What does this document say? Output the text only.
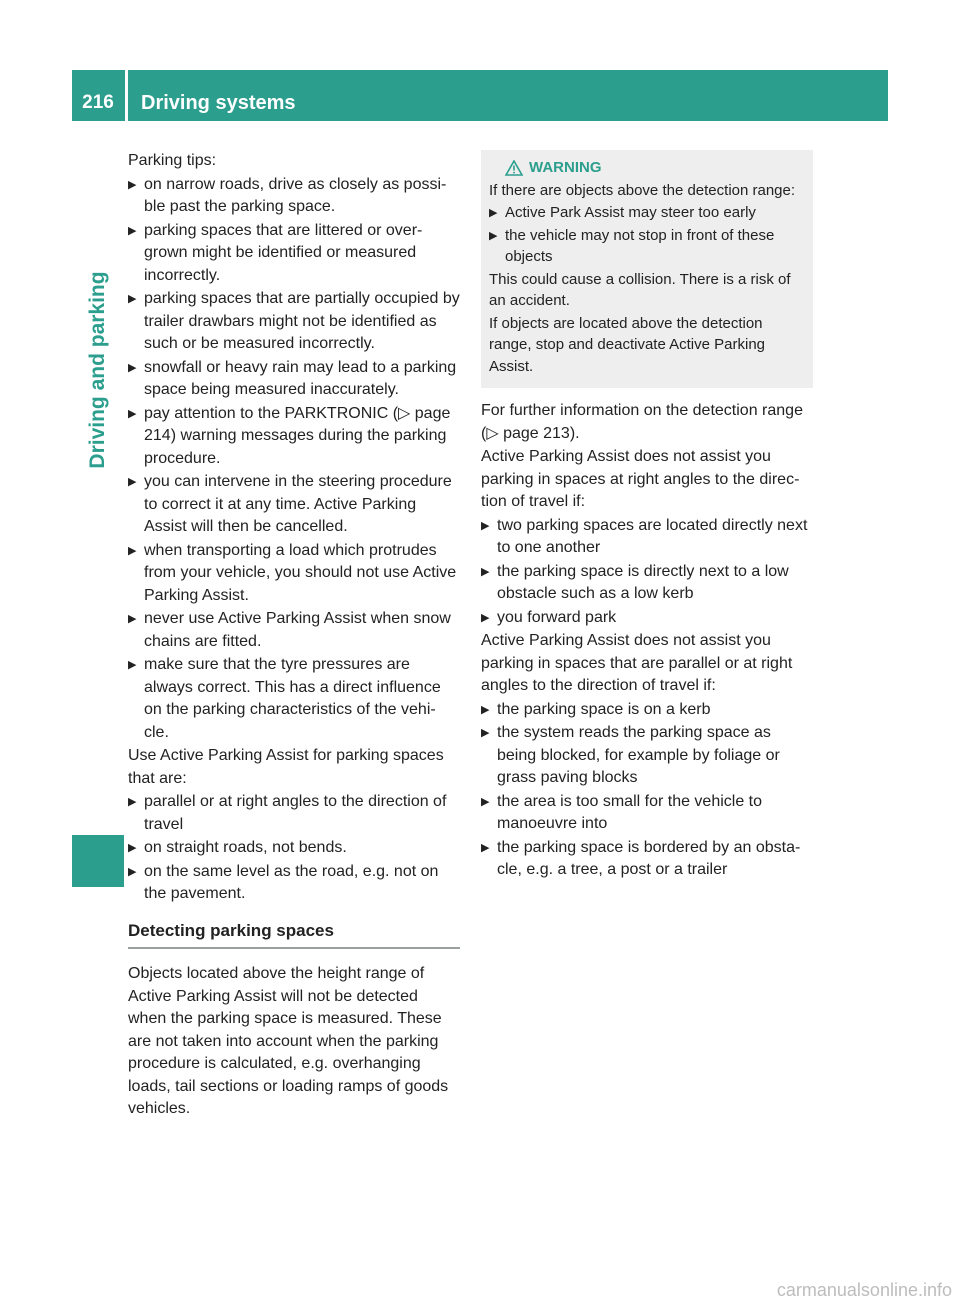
216	Driving systems
Driving and parking

Parking tips:

▶ on narrow roads, drive as closely as possi-ble past the parking space.
▶ parking spaces that are littered or over-grown might be identified or measured incorrectly.
▶ parking spaces that are partially occupied by trailer drawbars might not be identified as such or be measured incorrectly.
▶ snowfall or heavy rain may lead to a parking space being measured inaccurately.
▶ pay attention to the PARKTRONIC (▷ page 214) warning messages during the parking procedure.
▶ you can intervene in the steering procedure to correct it at any time. Active Parking Assist will then be cancelled.
▶ when transporting a load which protrudes from your vehicle, you should not use Active Parking Assist.
▶ never use Active Parking Assist when snow chains are fitted.
▶ make sure that the tyre pressures are always correct. This has a direct influence on the parking characteristics of the vehi-cle.

Use Active Parking Assist for parking spaces that are:

▶ parallel or at right angles to the direction of travel
▶ on straight roads, not bends.
▶ on the same level as the road, e.g. not on the pavement.
Detecting parking spaces

Objects located above the height range of Active Parking Assist will not be detected when the parking space is measured. These are not taken into account when the parking procedure is calculated, e.g. overhanging loads, tail sections or loading ramps of goods vehicles.

WARNING

If there are objects above the detection range:

▶ Active Park Assist may steer too early
▶ the vehicle may not stop in front of these objects

This could cause a collision. There is a risk of an accident.

If objects are located above the detection range, stop and deactivate Active Parking Assist.

For further information on the detection range (▷ page 213).

Active Parking Assist does not assist you parking in spaces at right angles to the direc-tion of travel if:

▶ two parking spaces are located directly next to one another
▶ the parking space is directly next to a low obstacle such as a low kerb
▶ you forward park

Active Parking Assist does not assist you parking in spaces that are parallel or at right angles to the direction of travel if:

▶ the parking space is on a kerb
▶ the system reads the parking space as being blocked, for example by foliage or grass paving blocks
▶ the area is too small for the vehicle to manoeuvre into
▶ the parking space is bordered by an obsta-cle, e.g. a tree, a post or a trailer
carmanualsonline.info
